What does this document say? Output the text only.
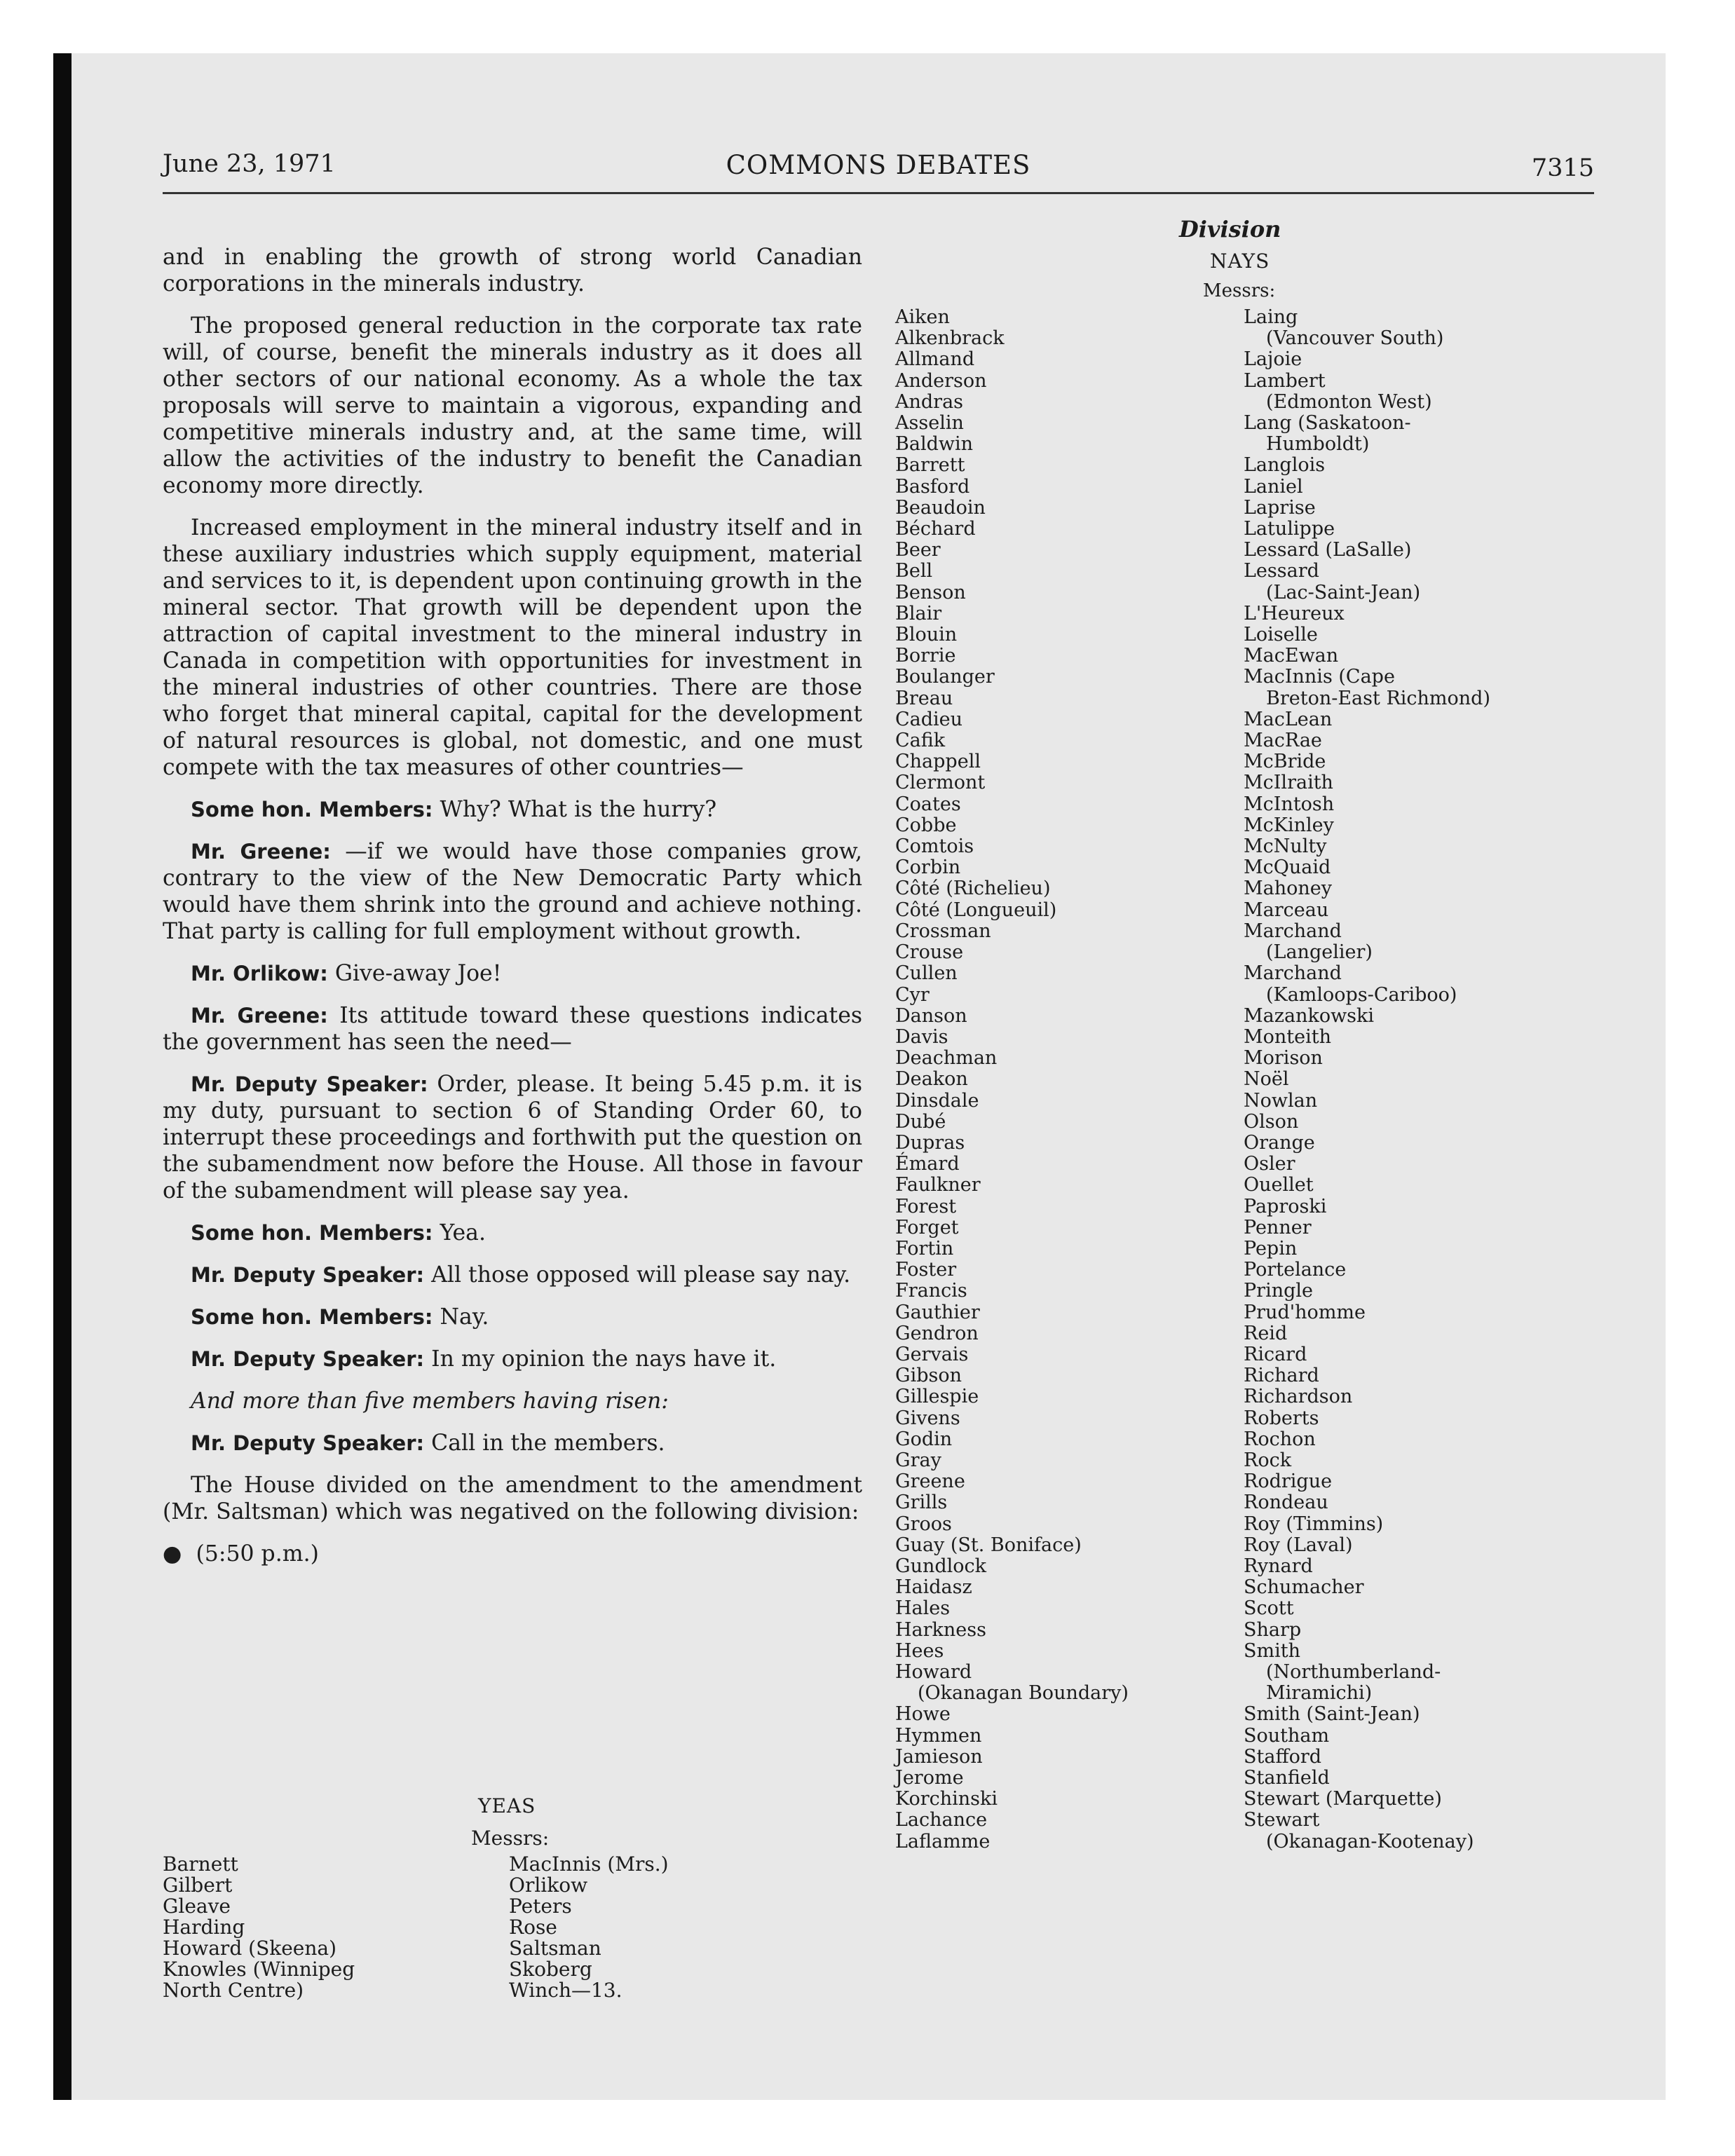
June 23, 1971	COMMONS DEBATES	7315

and in enabling the growth of strong world Canadian corporations in the minerals industry.

The proposed general reduction in the corporate tax rate will, of course, benefit the minerals industry as it does all other sectors of our national economy. As a whole the tax proposals will serve to maintain a vigorous, expanding and competitive minerals industry and, at the same time, will allow the activities of the industry to benefit the Canadian economy more directly.

Increased employment in the mineral industry itself and in these auxiliary industries which supply equipment, material and services to it, is dependent upon continuing growth in the mineral sector. That growth will be dependent upon the attraction of capital investment to the mineral industry in Canada in competition with opportunities for investment in the mineral industries of other countries. There are those who forget that mineral capital, capital for the development of natural resources is global, not domestic, and one must compete with the tax measures of other countries—

Some hon. Members: Why? What is the hurry?

Mr. Greene: —if we would have those companies grow, contrary to the view of the New Democratic Party which would have them shrink into the ground and achieve nothing. That party is calling for full employment without growth.

Mr. Orlikow: Give-away Joe!

Mr. Greene: Its attitude toward these questions indicates the government has seen the need—

Mr. Deputy Speaker: Order, please. It being 5.45 p.m. it is my duty, pursuant to section 6 of Standing Order 60, to interrupt these proceedings and forthwith put the question on the subamendment now before the House. All those in favour of the subamendment will please say yea.

Some hon. Members: Yea.

Mr. Deputy Speaker: All those opposed will please say nay.

Some hon. Members: Nay.

Mr. Deputy Speaker: In my opinion the nays have it.

And more than five members having risen:

Mr. Deputy Speaker: Call in the members.

The House divided on the amendment to the amendment (Mr. Saltsman) which was negatived on the following division:

●  (5:50 p.m.)

YEAS
Messrs:
Barnett
Gilbert
Gleave
Harding
Howard (Skeena)
Knowles (Winnipeg
North Centre)
MacInnis (Mrs.)
Orlikow
Peters
Rose
Saltsman
Skoberg
Winch—13.
Division
NAYS
Messrs:
Aiken
Alkenbrack
Allmand
Anderson
Andras
Asselin
Baldwin
Barrett
Basford
Beaudoin
Béchard
Beer
Bell
Benson
Blair
Blouin
Borrie
Boulanger
Breau
Cadieu
Cafik
Chappell
Clermont
Coates
Cobbe
Comtois
Corbin
Côté (Richelieu)
Côté (Longueuil)
Crossman
Crouse
Cullen
Cyr
Danson
Davis
Deachman
Deakon
Dinsdale
Dubé
Dupras
Émard
Faulkner
Forest
Forget
Fortin
Foster
Francis
Gauthier
Gendron
Gervais
Gibson
Gillespie
Givens
Godin
Gray
Greene
Grills
Groos
Guay (St. Boniface)
Gundlock
Haidasz
Hales
Harkness
Hees
Howard
(Okanagan Boundary)
Howe
Hymmen
Jamieson
Jerome
Korchinski
Lachance
Laflamme
Laing
(Vancouver South)
Lajoie
Lambert
(Edmonton West)
Lang (Saskatoon-
Humboldt)
Langlois
Laniel
Laprise
Latulippe
Lessard (LaSalle)
Lessard
(Lac-Saint-Jean)
L'Heureux
Loiselle
MacEwan
MacInnis (Cape
Breton-East Richmond)
MacLean
MacRae
McBride
McIlraith
McIntosh
McKinley
McNulty
McQuaid
Mahoney
Marceau
Marchand
(Langelier)
Marchand
(Kamloops-Cariboo)
Mazankowski
Monteith
Morison
Noël
Nowlan
Olson
Orange
Osler
Ouellet
Paproski
Penner
Pepin
Portelance
Pringle
Prud'homme
Reid
Ricard
Richard
Richardson
Roberts
Rochon
Rock
Rodrigue
Rondeau
Roy (Timmins)
Roy (Laval)
Rynard
Schumacher
Scott
Sharp
Smith
(Northumberland-
Miramichi)
Smith (Saint-Jean)
Southam
Stafford
Stanfield
Stewart (Marquette)
Stewart
(Okanagan-Kootenay)
